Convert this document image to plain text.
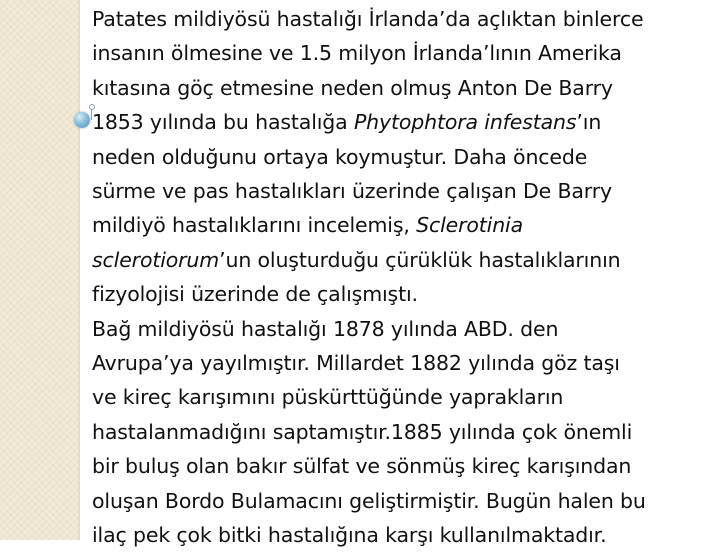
Patates mildiyösü hastalığı İrlanda’da açlıktan binlerce
insanın ölmesine ve 1.5 milyon İrlanda’lının Amerika
kıtasına göç etmesine neden olmuş Anton De Barry
1853 yılında bu hastalığa Phytophtora infestans’ın
neden olduğunu ortaya koymuştur. Daha öncede
sürme ve pas hastalıkları üzerinde çalışan De Barry
mildiyö hastalıklarını incelemiş, Sclerotinia
sclerotiorum’un oluşturduğu çürüklük hastalıklarının
fizyolojisi üzerinde de çalışmıştı.
Bağ mildiyösü hastalığı 1878 yılında ABD. den
Avrupa’ya yayılmıştır. Millardet 1882 yılında göz taşı
ve kireç karışımını püskürttüğünde yaprakların
hastalanmadığını saptamıştır.1885 yılında çok önemli
bir buluş olan bakır sülfat ve sönmüş kireç karışından
oluşan Bordo Bulamacını geliştirmiştir. Bugün halen bu
ilaç pek çok bitki hastalığına karşı kullanılmaktadır.
